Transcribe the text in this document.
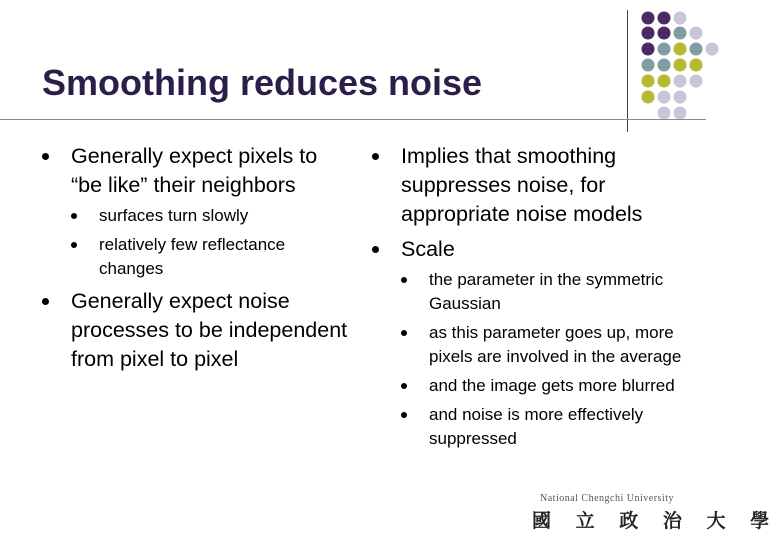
Smoothing reduces noise
Generally expect pixels to “be like” their neighbors
surfaces turn slowly
relatively few reflectance changes
Generally expect noise processes to be independent from pixel to pixel
Implies that smoothing suppresses noise, for appropriate noise models
Scale
the parameter in the symmetric Gaussian
as this parameter goes up, more pixels are involved in the average
and the image gets more blurred
and noise is more effectively suppressed
National Chengchi University
國 立 政 治 大 學
